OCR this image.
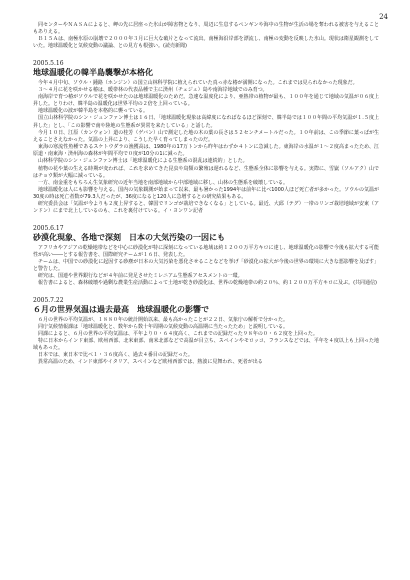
24

　同センターやＮＡＳＡによると、岬の先に居座った氷山が障害物となり、周辺に生息するペンギンや海中の生物が生活の場を奪われる被害を与えることもありえる。

　Ｂ１５Ａは、南極氷原の崩壊で２０００年３月に巨大な破片となって流出。南極海沿岸部を漂流し、南極の変動を反映した氷山。現状は衛星観測をしていた。地球温暖化と気候変動の議論、との見方も根強い。(読売新聞)

2005.5.16
地球温暖化の韓半島襲撃が本格化

　今年４月中旬、ソウル・鍾路（ホンジン）の国立山林科学院に植えられていた真っ赤な椿が満開になった。これまでは見られなかった現象だ。

　３〜４月に花を咲かせる椿は、暖帯林の代表品種で主に済州（チェジュ）島や南海岸地域でのみ育つ。

　南海岸で育つ椿がソウルで花を咲かせたのは地球温暖化のためだ。急速な温度化により、亜熱帯の植物が最も、１００年を通じて地域の気温が０６度上昇した。とりわけ、韓半島の温暖化は世界平均の２倍を上回っている。

　地球温暖化の波が韓半島を本格的に襲っている。

　国立山林科学院のシン・ジュンファン博士は１６日、「地球温暖化現象は高緯度になればなるほど深刻で、韓半島では１００年間の平均気温が１.５度上昇した」とし、「この影響で南や陸地の生態系が異常を来たしている」と話した。

　今月１０日、江原（カンウォン）道の桂芳（ゲバン）山で測定した地の木の葉の長さは５２センチメートルだった。１０年前は、この季節に葉っぱが生えることさえなかった。気温の上昇により、こうした早く育ってしまったのだ。

　東海の寒流性魚種であるスケトウダラの漁獲高は、1980年の17万トンから昨年はわずか４トンに急減した。東海岸の水温が１〜２度高まったため、江原道・南東海・済州海の森林が年間平均で０度が10分の1に減った。

　山林科学院のシン・ジュンファン博士は「地球温暖化による生態系の混乱は連続的」とした。

　植物の花や葉の生える時期が変われば、これを求めてきた昆虫や鳥類の繁殖は遅れるなど、生態系全体に影響を与える。実際に、雪嶽（ソルアク）山ではチョウ類が大幅に減っている。

　一方、南金重をもちろん生気象研究の近年当地を南部地域から中部地域に移し、山林の生態系を破壊している。

　地球温暖化は人にも影響を与える。国内の気象観測が始まって以来、最も暑かった1994年は前年に比べ1000人ほど死亡者が多かった。ソウルの気温が30度の時は死亡者数が79.3人だったが、36度になると120人に急増するとの研究結果もある。

　研究委員会は「気温が今よりも２度上昇すると、韓国でリンゴが栽培できなくなる」としている。最近、大邱（テグ）一帯のリンゴ栽培地域が安東（アンドン）にまで北上しているのも、これを裏付けている。イ・ヨンワン記者

2005.6.17
砂漠化現象、各地で深刻　日本の大気汚染の一因にも

　アフリカやアジアの乾燥地帯などを中心に砂漠化が特に深刻になっている地域は約１２００万平方キロに達し、地球温暖化の影響で今後も拡大する可能性が高い――とする報告書を、国際研究チームが１６日、発表した。

　チームは、中国での砂漠化に起因する砂塵が日本の大気汚染を悪化させることなどを挙げ「砂漠化の拡大が今後の世界の環境に大きな悪影響を及ぼす」と警告した。

　研究は、国連や世界銀行などが４年前に発足させたミレニアム生態系アセスメントの一環。

　報告書によると、森林破壊や過剰な農業生産活動によって土地が乾き砂漠化は、世界の乾燥地帯の約２０％、約１２００万平方キロに及ぶ。(共同通信)

2005.7.22
６月の世界気温は過去最高　地球温暖化の影響で

　６月の世界の平均気温が、１８８０年の統計開始以来、最も高かったことが２２日、気象庁の解析で分かった。

　同庁気候情報課は「地球温暖化と、数年から数十年周期の気候変動の高温期に当たったため」と説明している。

　同課によると、６月の世界の平均気温は、平年より０・６４度高く、これまでの記録だった９８年の０・６２度を上回った。

　特に日本からインド東部、欧州西部、北米東部、南米北部などで高温が目立ち、スペインやモロッコ、フランスなどでは、平年を４度以上も上回った地域もあった。

　日本では、東日本で比べ１・３６度高く、過去４番目の記録だった。

　異常高温のため、インド東部やイタリア、スペインなど欧州西部では、熱波に見舞われ、死者が出る
